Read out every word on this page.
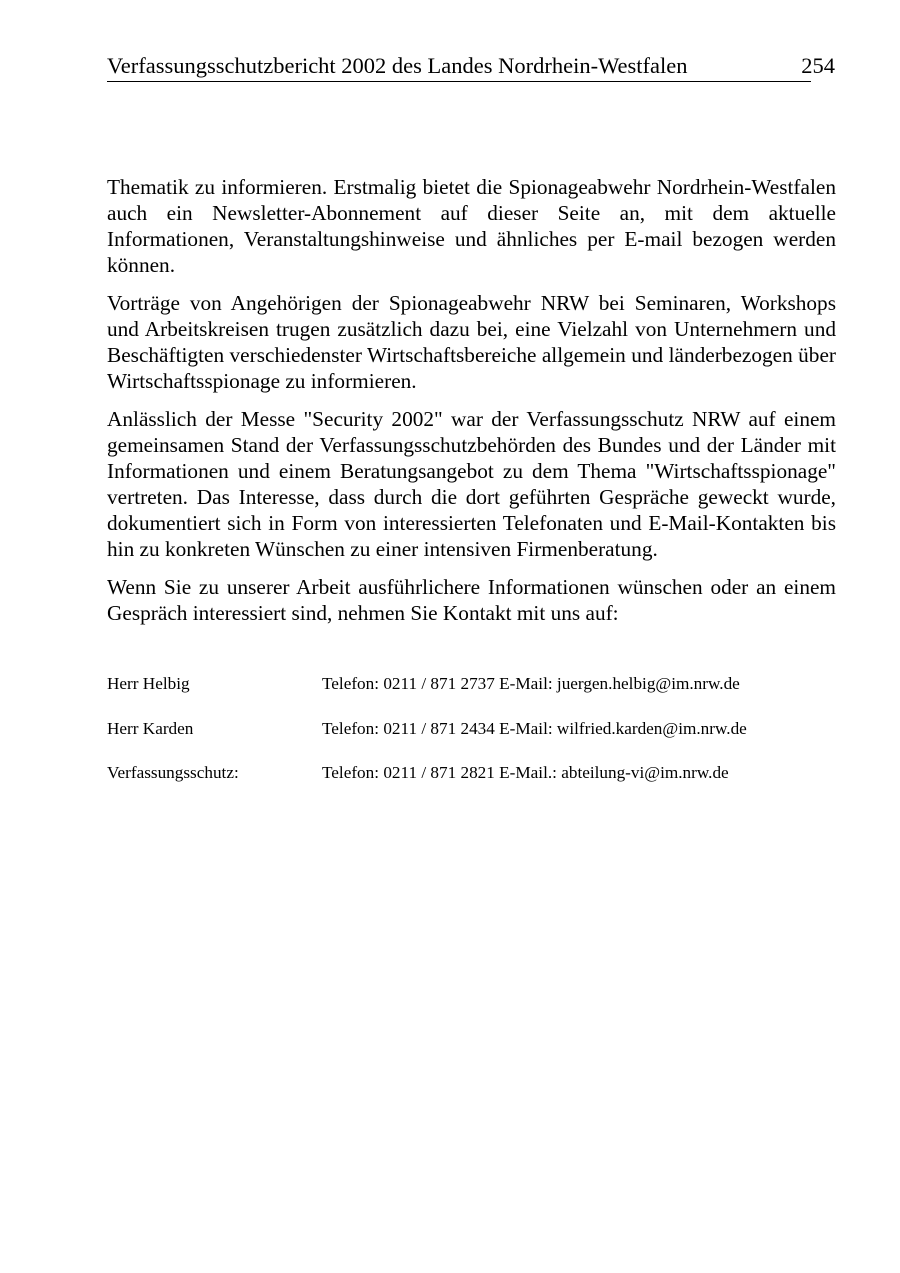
Verfassungsschutzbericht 2002 des Landes Nordrhein-Westfalen	254

Thematik zu informieren. Erstmalig bietet die Spionageabwehr Nordrhein-Westfalen auch ein Newsletter-Abonnement auf dieser Seite an, mit dem aktuelle Informationen, Veranstaltungshinweise und ähnliches per E-mail bezogen werden können.

Vorträge von Angehörigen der Spionageabwehr NRW bei Seminaren, Workshops und Arbeitskreisen trugen zusätzlich dazu bei, eine Vielzahl von Unternehmern und Beschäftigten verschiedenster Wirtschaftsbereiche allgemein und länderbezogen über Wirtschaftsspionage zu informieren.

Anlässlich der Messe "Security 2002" war der Verfassungsschutz NRW auf einem gemeinsamen Stand der Verfassungsschutzbehörden des Bundes und der Länder mit Informationen und einem Beratungsangebot zu dem Thema "Wirtschaftsspionage" vertreten. Das Interesse, dass durch die dort geführten Gespräche geweckt wurde, dokumentiert sich in Form von interessierten Telefonaten und E-Mail-Kontakten bis hin zu konkreten Wünschen zu einer intensiven Firmenberatung.

Wenn Sie zu unserer Arbeit ausführlichere Informationen wünschen oder an einem Gespräch interessiert sind, nehmen Sie Kontakt mit uns auf:

Herr Helbig	Telefon: 0211 / 871 2737 E-Mail: juergen.helbig@im.nrw.de
Herr Karden	Telefon: 0211 / 871 2434 E-Mail: wilfried.karden@im.nrw.de
Verfassungsschutz:	Telefon: 0211 / 871 2821 E-Mail.: abteilung-vi@im.nrw.de
